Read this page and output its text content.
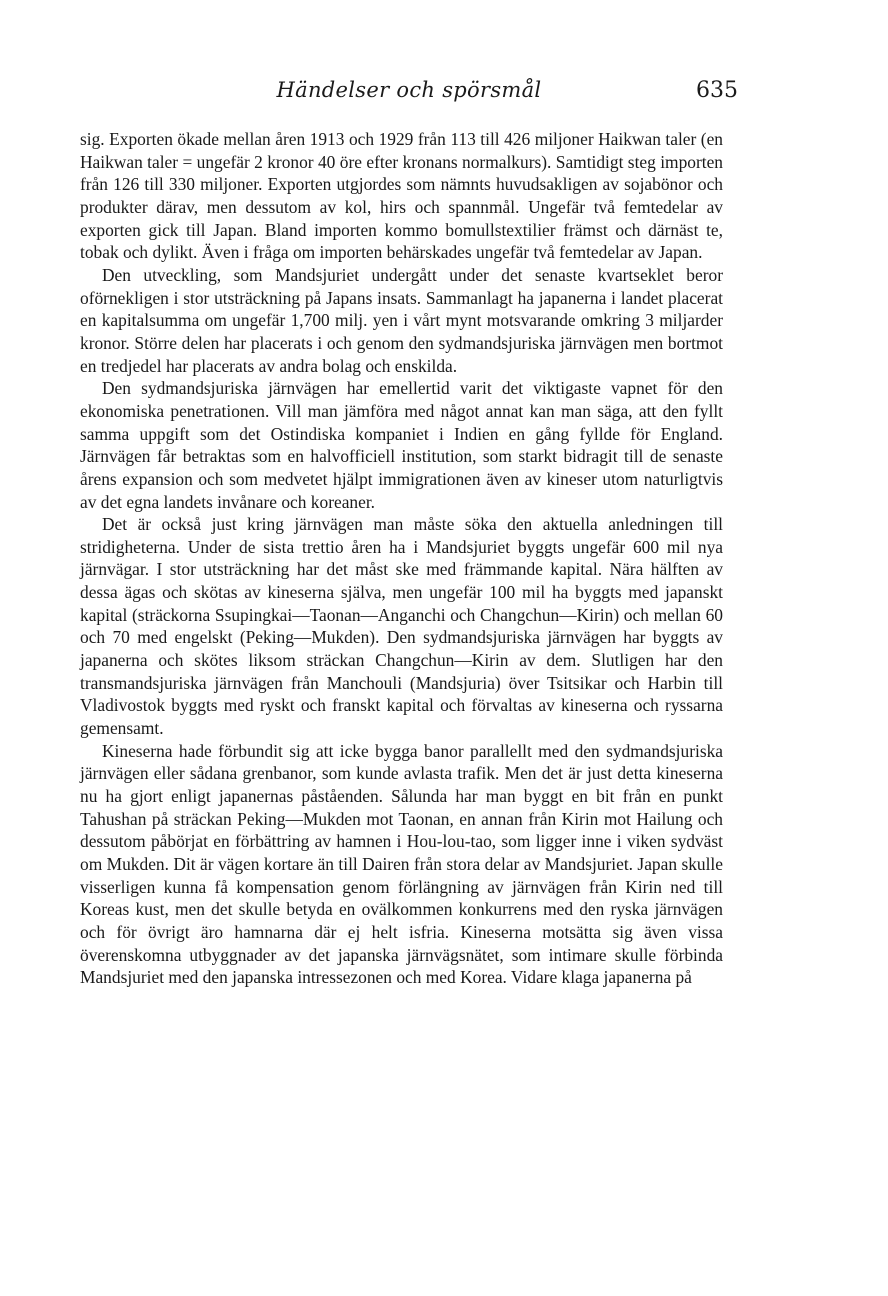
Händelser och spörsmål	635

sig. Exporten ökade mellan åren 1913 och 1929 från 113 till 426 miljoner Haikwan taler (en Haikwan taler = ungefär 2 kronor 40 öre efter kronans normalkurs). Samtidigt steg importen från 126 till 330 miljoner. Exporten utgjordes som nämnts huvudsakligen av sojabönor och produkter därav, men dessutom av kol, hirs och spannmål. Ungefär två femtedelar av exporten gick till Japan. Bland importen kommo bomullstextilier främst och därnäst te, tobak och dylikt. Även i fråga om importen behärskades ungefär två femtedelar av Japan.

Den utveckling, som Mandsjuriet undergått under det senaste kvartseklet beror oförnekligen i stor utsträckning på Japans insats. Sammanlagt ha japanerna i landet placerat en kapitalsumma om ungefär 1,700 milj. yen i vårt mynt motsvarande omkring 3 miljarder kronor. Större delen har placerats i och genom den sydmandsjuriska järnvägen men bortmot en tredjedel har placerats av andra bolag och enskilda.

Den sydmandsjuriska järnvägen har emellertid varit det viktigaste vapnet för den ekonomiska penetrationen. Vill man jämföra med något annat kan man säga, att den fyllt samma uppgift som det Ostindiska kompaniet i Indien en gång fyllde för England. Järnvägen får betraktas som en halvofficiell institution, som starkt bidragit till de senaste årens expansion och som medvetet hjälpt immigrationen även av kineser utom naturligtvis av det egna landets invånare och koreaner.

Det är också just kring järnvägen man måste söka den aktuella anledningen till stridigheterna. Under de sista trettio åren ha i Mandsjuriet byggts ungefär 600 mil nya järnvägar. I stor utsträckning har det måst ske med främmande kapital. Nära hälften av dessa ägas och skötas av kineserna själva, men ungefär 100 mil ha byggts med japanskt kapital (sträckorna Ssupingkai—Taonan—Anganchi och Changchun—Kirin) och mellan 60 och 70 med engelskt (Peking—Mukden). Den sydmandsjuriska järnvägen har byggts av japanerna och skötes liksom sträckan Changchun—Kirin av dem. Slutligen har den transmandsjuriska järnvägen från Manchouli (Mandsjuria) över Tsitsikar och Harbin till Vladivostok byggts med ryskt och franskt kapital och förvaltas av kineserna och ryssarna gemensamt.

Kineserna hade förbundit sig att icke bygga banor parallellt med den sydmandsjuriska järnvägen eller sådana grenbanor, som kunde avlasta trafik. Men det är just detta kineserna nu ha gjort enligt japanernas påståenden. Sålunda har man byggt en bit från en punkt Tahushan på sträckan Peking—Mukden mot Taonan, en annan från Kirin mot Hailung och dessutom påbörjat en förbättring av hamnen i Hou-lou-tao, som ligger inne i viken sydväst om Mukden. Dit är vägen kortare än till Dairen från stora delar av Mandsjuriet. Japan skulle visserligen kunna få kompensation genom förlängning av järnvägen från Kirin ned till Koreas kust, men det skulle betyda en ovälkommen konkurrens med den ryska järnvägen och för övrigt äro hamnarna där ej helt isfria. Kineserna motsätta sig även vissa överenskomna utbyggnader av det japanska järnvägsnätet, som intimare skulle förbinda Mandsjuriet med den japanska intressezonen och med Korea. Vidare klaga japanerna på
